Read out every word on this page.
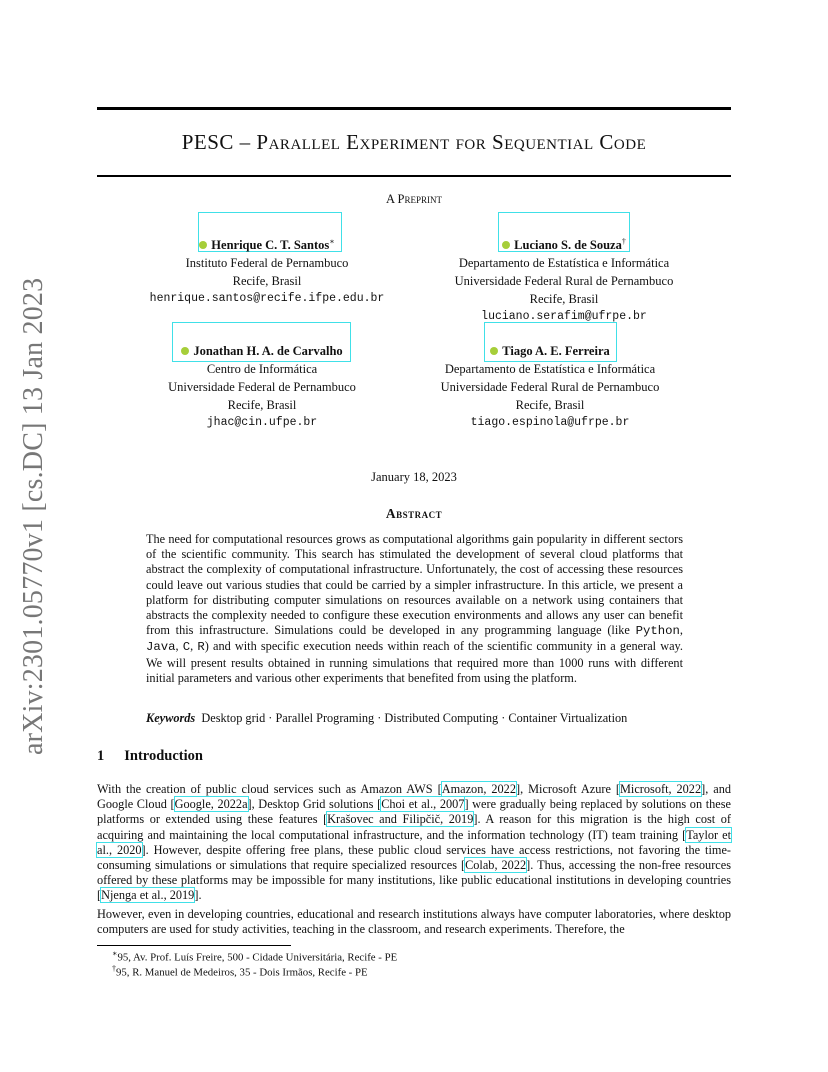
arXiv:2301.05770v1 [cs.DC] 13 Jan 2023
PESC – Parallel Experiment for Sequential Code
A Preprint
Henrique C. T. Santos∗
Instituto Federal de Pernambuco
Recife, Brasil
henrique.santos@recife.ifpe.edu.br
Luciano S. de Souza†
Departamento de Estatística e Informática
Universidade Federal Rural de Pernambuco
Recife, Brasil
luciano.serafim@ufrpe.br
Jonathan H. A. de Carvalho
Centro de Informática
Universidade Federal de Pernambuco
Recife, Brasil
jhac@cin.ufpe.br
Tiago A. E. Ferreira
Departamento de Estatística e Informática
Universidade Federal Rural de Pernambuco
Recife, Brasil
tiago.espinola@ufrpe.br
January 18, 2023
Abstract
The need for computational resources grows as computational algorithms gain popularity in different sectors of the scientific community. This search has stimulated the development of several cloud platforms that abstract the complexity of computational infrastructure. Unfortunately, the cost of accessing these resources could leave out various studies that could be carried by a simpler infrastructure. In this article, we present a platform for distributing computer simulations on resources available on a network using containers that abstracts the complexity needed to configure these execution environments and allows any user can benefit from this infrastructure. Simulations could be developed in any programming language (like Python, Java, C, R) and with specific execution needs within reach of the scientific community in a general way. We will present results obtained in running simulations that required more than 1000 runs with different initial parameters and various other experiments that benefited from using the platform.
Keywords Desktop grid · Parallel Programing · Distributed Computing · Container Virtualization
1 Introduction
With the creation of public cloud services such as Amazon AWS [Amazon, 2022], Microsoft Azure [Microsoft, 2022], and Google Cloud [Google, 2022a], Desktop Grid solutions [Choi et al., 2007] were gradually being replaced by solutions on these platforms or extended using these features [Krašovec and Filipčič, 2019]. A reason for this migration is the high cost of acquiring and maintaining the local computational infrastructure, and the information technology (IT) team training [Taylor et al., 2020]. However, despite offering free plans, these public cloud services have access restrictions, not favoring the time-consuming simulations or simulations that require specialized resources [Colab, 2022]. Thus, accessing the non-free resources offered by these platforms may be impossible for many institutions, like public educational institutions in developing countries [Njenga et al., 2019].
However, even in developing countries, educational and research institutions always have computer laboratories, where desktop computers are used for study activities, teaching in the classroom, and research experiments. Therefore, the
∗95, Av. Prof. Luís Freire, 500 - Cidade Universitária, Recife - PE
†95, R. Manuel de Medeiros, 35 - Dois Irmãos, Recife - PE
